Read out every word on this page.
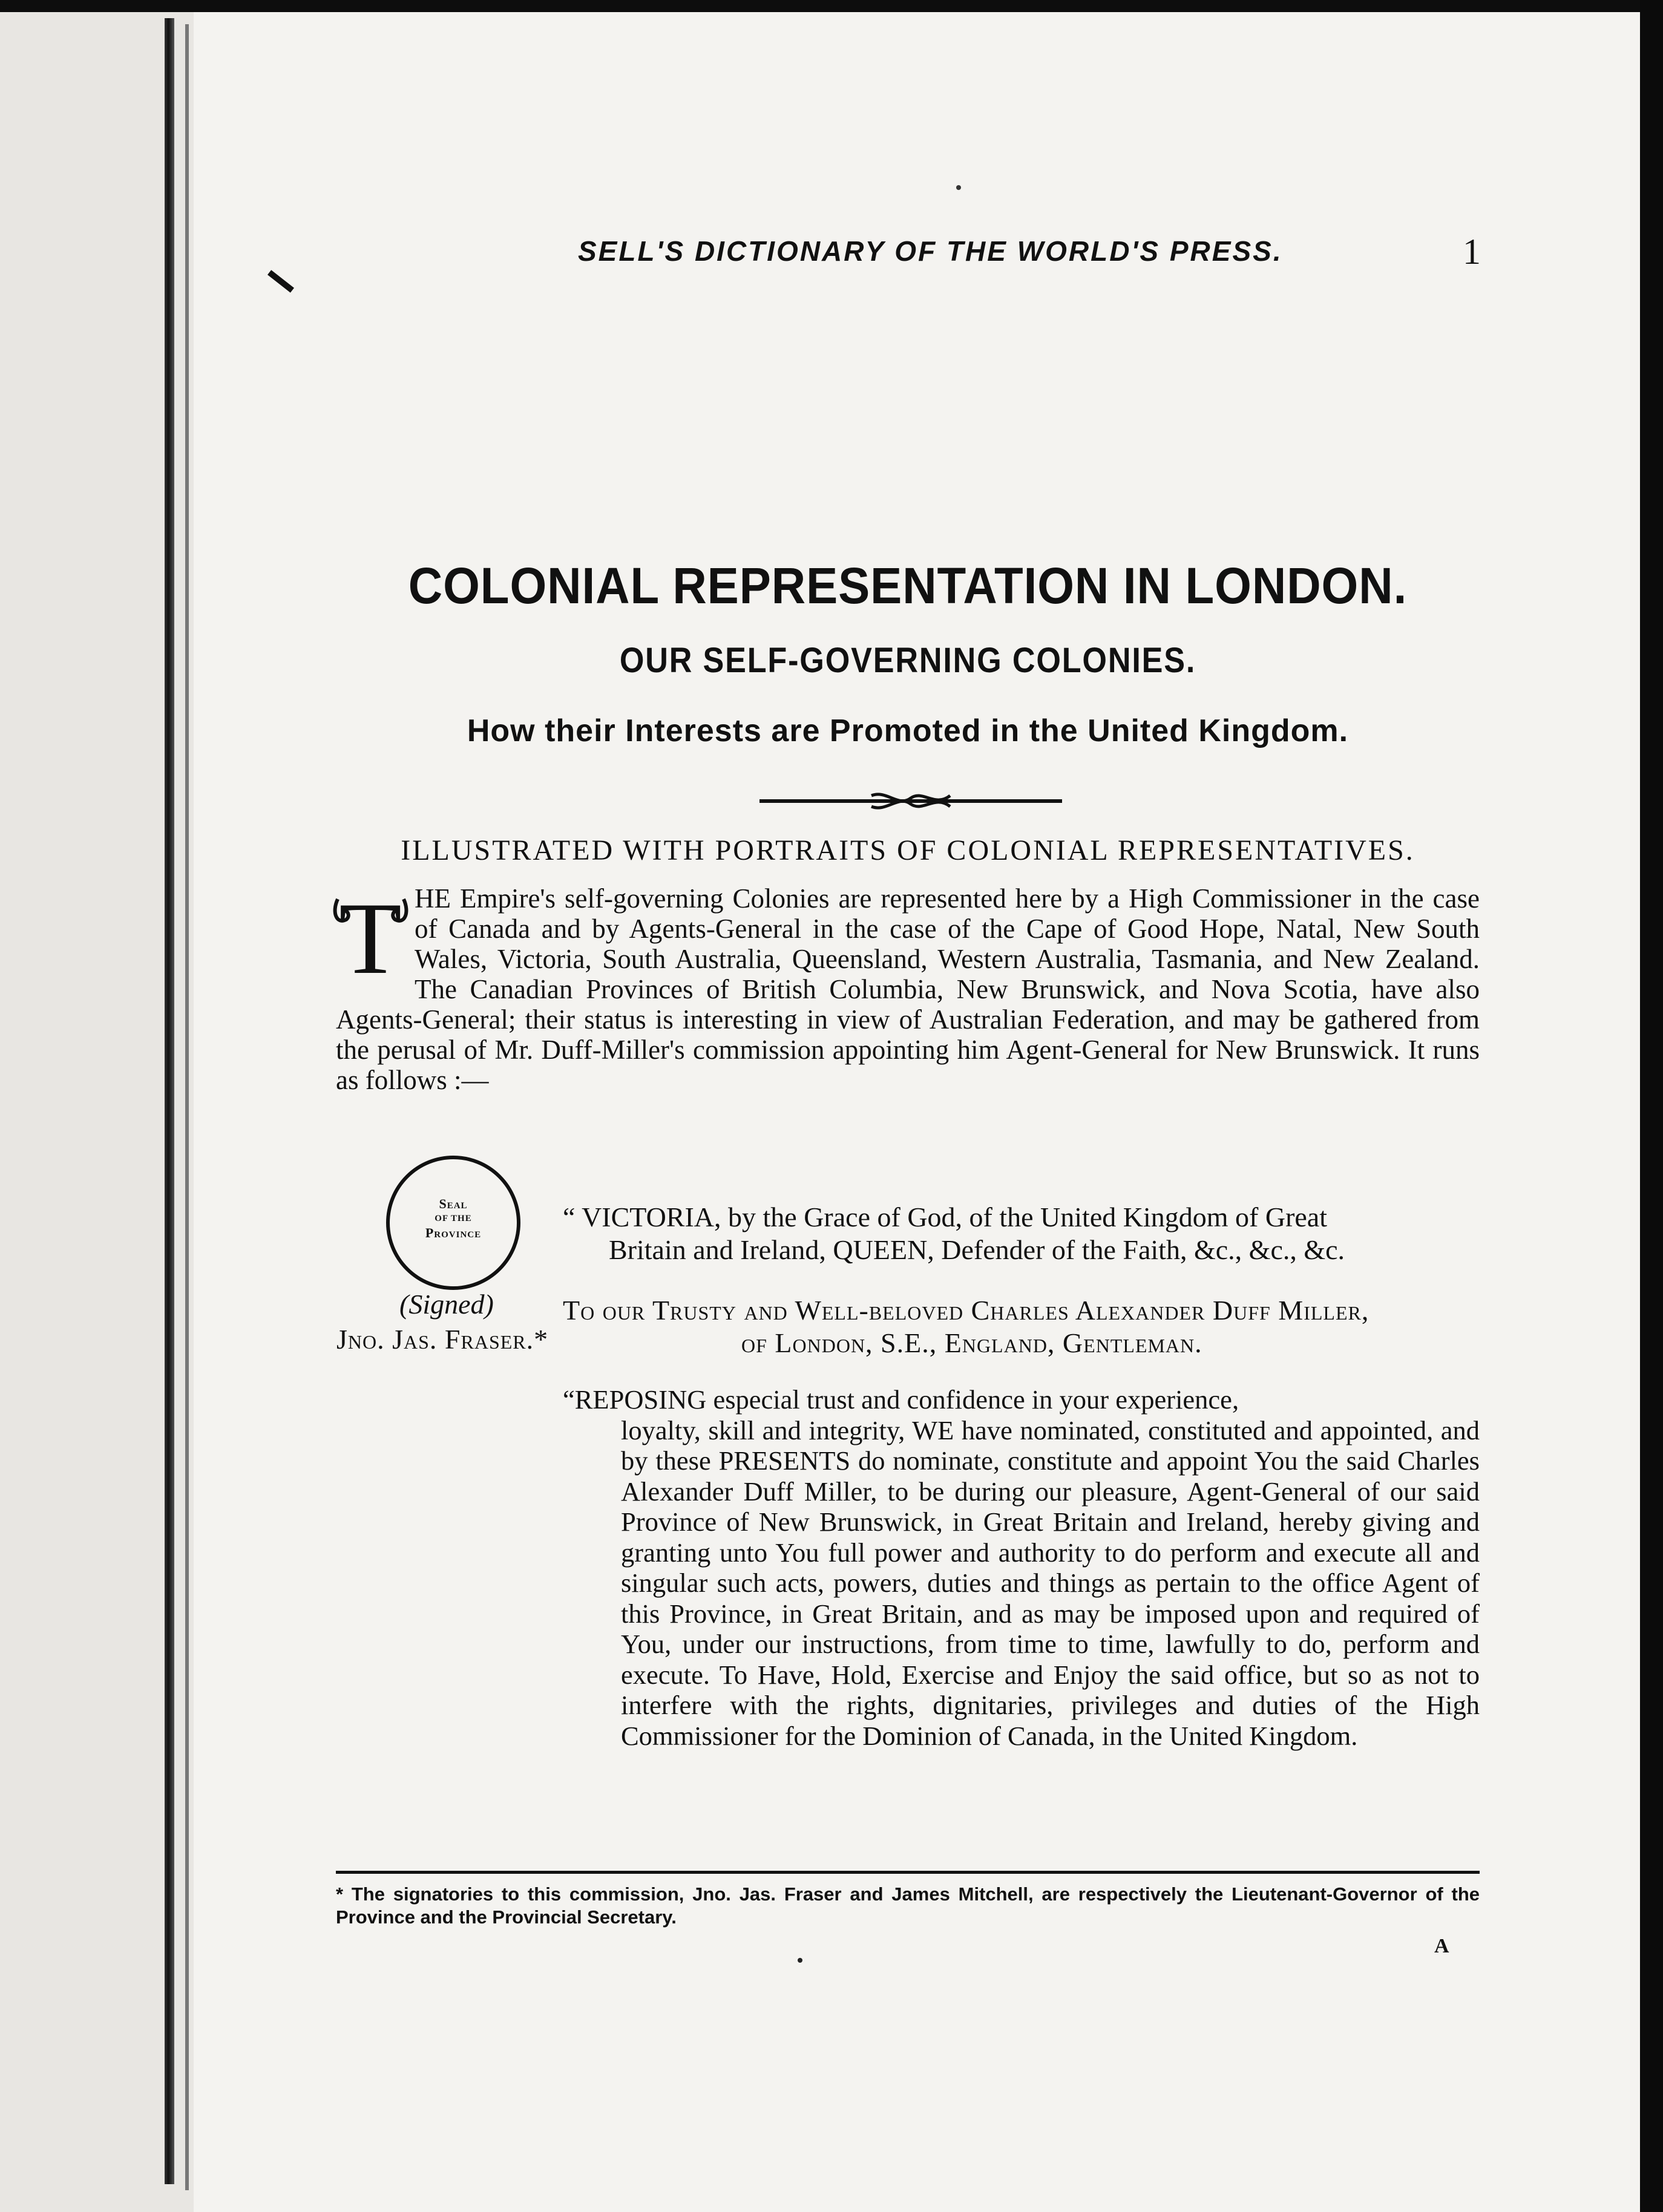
SELL'S DICTIONARY OF THE WORLD'S PRESS.	1
COLONIAL REPRESENTATION IN LONDON.
OUR SELF-GOVERNING COLONIES.
How their Interests are Promoted in the United Kingdom.
ILLUSTRATED WITH PORTRAITS OF COLONIAL REPRESENTATIVES.
T HE Empire's self-governing Colonies are represented here by a High Commissioner in the case of Canada and by Agents-General in the case of the Cape of Good Hope, Natal, New South Wales, Victoria, South Australia, Queensland, Western Australia, Tasmania, and New Zealand. The Canadian Provinces of British Columbia, New Brunswick, and Nova Scotia, have also Agents-General; their status is interesting in view of Australian Federation, and may be gathered from the perusal of Mr. Duff-Miller's commission appointing him Agent-General for New Brunswick. It runs as follows :—

Seal
OF THE
Province
“ VICTORIA, by the Grace of God, of the United Kingdom of Great
Britain and Ireland, QUEEN, Defender of the Faith, &c., &c., &c.
(Signed)
Jno. Jas. Fraser.*
To our Trusty and Well-beloved Charles Alexander Duff Miller,
of London, S.E., England, Gentleman.
“REPOSING especial trust and confidence in your experience,
loyalty, skill and integrity, WE have nominated, constituted and appointed, and by these PRESENTS do nominate, constitute and appoint You the said Charles Alexander Duff Miller, to be during our pleasure, Agent-General of our said Province of New Brunswick, in Great Britain and Ireland, hereby giving and granting unto You full power and authority to do perform and execute all and singular such acts, powers, duties and things as pertain to the office Agent of this Province, in Great Britain, and as may be imposed upon and required of You, under our instructions, from time to time, lawfully to do, perform and execute. To Have, Hold, Exercise and Enjoy the said office, but so as not to interfere with the rights, dignitaries, privileges and duties of the High Commissioner for the Dominion of Canada, in the United Kingdom.
* The signatories to this commission, Jno. Jas. Fraser and James Mitchell, are respectively the Lieutenant-Governor of the Province and the Provincial Secretary.
A
